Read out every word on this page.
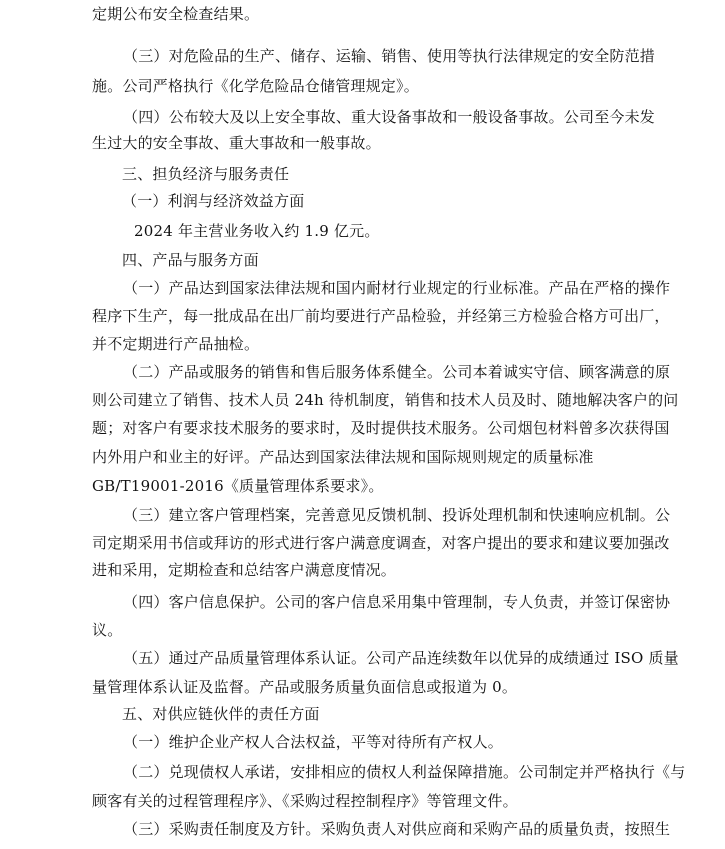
定期公布安全检查结果。
（三）对危险品的生产、储存、运输、销售、使用等执行法律规定的安全防范措
施。公司严格执行《化学危险品仓储管理规定》。
（四）公布较大及以上安全事故、重大设备事故和一般设备事故。公司至今未发
生过大的安全事故、重大事故和一般事故。
三、担负经济与服务责任
（一）利润与经济效益方面
2024 年主营业务收入约 1.9 亿元。
四、产品与服务方面
（一）产品达到国家法律法规和国内耐材行业规定的行业标准。产品在严格的操作
程序下生产，每一批成品在出厂前均要进行产品检验，并经第三方检验合格方可出厂，
并不定期进行产品抽检。
（二）产品或服务的销售和售后服务体系健全。公司本着诚实守信、顾客满意的原
则公司建立了销售、技术人员 24h 待机制度，销售和技术人员及时、随地解决客户的问
题；对客户有要求技术服务的要求时，及时提供技术服务。公司烟包材料曾多次获得国
内外用户和业主的好评。产品达到国家法律法规和国际规则规定的质量标准
GB/T19001-2016《质量管理体系要求》。
（三）建立客户管理档案，完善意见反馈机制、投诉处理机制和快速响应机制。公
司定期采用书信或拜访的形式进行客户满意度调查，对客户提出的要求和建议要加强改
进和采用，定期检查和总结客户满意度情况。
（四）客户信息保护。公司的客户信息采用集中管理制，专人负责，并签订保密协
议。
（五）通过产品质量管理体系认证。公司产品连续数年以优异的成绩通过 ISO 质量
量管理体系认证及监督。产品或服务质量负面信息或报道为 0。
五、对供应链伙伴的责任方面
（一）维护企业产权人合法权益，平等对待所有产权人。
（二）兑现债权人承诺，安排相应的债权人利益保障措施。公司制定并严格执行《与
顾客有关的过程管理程序》、《采购过程控制程序》等管理文件。
（三）采购责任制度及方针。采购负责人对供应商和采购产品的质量负责，按照生
